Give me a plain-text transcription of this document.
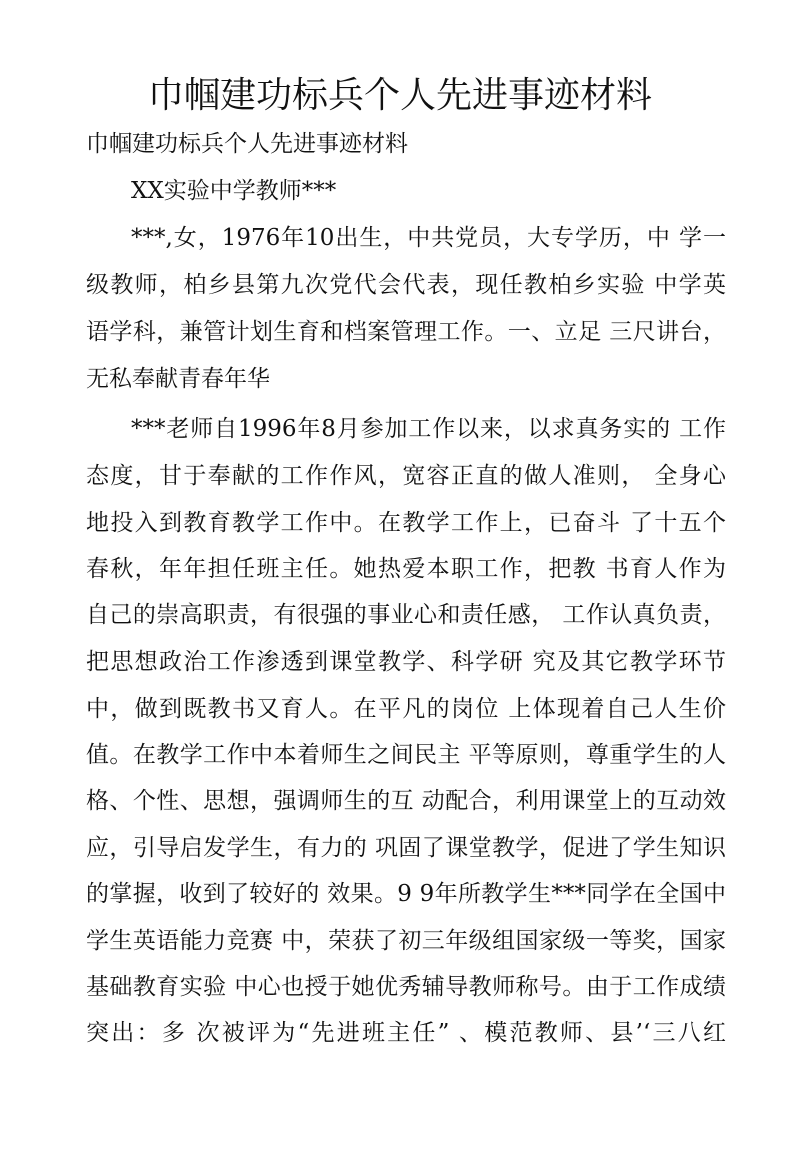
巾帼建功标兵个人先进事迹材料
巾帼建功标兵个人先进事迹材料
XX实验中学教师***
***,女，1976年10出生，中共党员，大专学历，中 学一
级教师，柏乡县第九次党代会代表，现任教柏乡实验 中学英
语学科，兼管计划生育和档案管理工作。一、立足 三尺讲台，
无私奉献青春年华
***老师自1996年8月参加工作以来，以求真务实的 工作
态度，甘于奉献的工作作风，宽容正直的做人准则， 全身心
地投入到教育教学工作中。在教学工作上，已奋斗 了十五个
春秋，年年担任班主任。她热爱本职工作，把教 书育人作为
自己的崇高职责，有很强的事业心和责任感， 工作认真负责，
把思想政治工作渗透到课堂教学、科学研 究及其它教学环节
中，做到既教书又育人。在平凡的岗位 上体现着自己人生价
值。在教学工作中本着师生之间民主 平等原则，尊重学生的人
格、个性、思想，强调师生的互 动配合，利用课堂上的互动效
应，引导启发学生，有力的 巩固了课堂教学，促进了学生知识
的掌握，收到了较好的 效果。9 9年所教学生***同学在全国中
学生英语能力竞赛 中，荣获了初三年级组国家级一等奖，国家
基础教育实验 中心也授于她优秀辅导教师称号。由于工作成绩
突出：多 次被评为“先进班主任” 、模范教师、县’‘三八红
